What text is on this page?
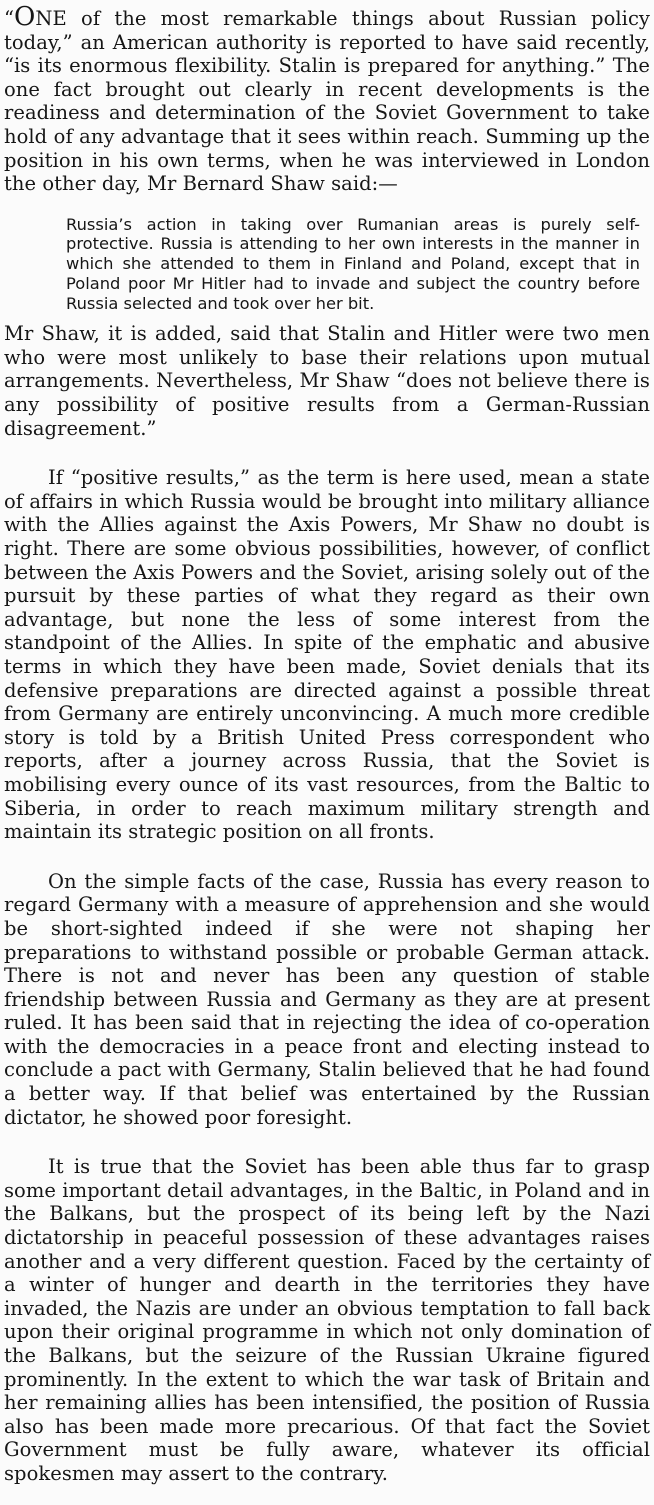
“ONE of the most remarkable things about Russian policy today,” an American authority is reported to have said recently, “is its enormous flexibility. Stalin is prepared for anything.” The one fact brought out clearly in recent developments is the readiness and determination of the Soviet Government to take hold of any advantage that it sees within reach. Summing up the position in his own terms, when he was interviewed in London the other day, Mr Bernard Shaw said:—

Russia’s action in taking over Rumanian areas is purely self-protective. Russia is attending to her own interests in the manner in which she attended to them in Finland and Poland, except that in Poland poor Mr Hitler had to invade and subject the country before Russia selected and took over her bit.

Mr Shaw, it is added, said that Stalin and Hitler were two men who were most unlikely to base their relations upon mutual arrangements. Nevertheless, Mr Shaw “does not believe there is any possibility of positive results from a German-Russian disagreement.”

If “positive results,” as the term is here used, mean a state of affairs in which Russia would be brought into military alliance with the Allies against the Axis Powers, Mr Shaw no doubt is right. There are some obvious possibilities, however, of conflict between the Axis Powers and the Soviet, arising solely out of the pursuit by these parties of what they regard as their own advantage, but none the less of some interest from the standpoint of the Allies. In spite of the emphatic and abusive terms in which they have been made, Soviet denials that its defensive preparations are directed against a possible threat from Germany are entirely unconvincing. A much more credible story is told by a British United Press correspondent who reports, after a journey across Russia, that the Soviet is mobilising every ounce of its vast resources, from the Baltic to Siberia, in order to reach maximum military strength and maintain its strategic position on all fronts.

On the simple facts of the case, Russia has every reason to regard Germany with a measure of apprehension and she would be short-sighted indeed if she were not shaping her preparations to withstand possible or probable German attack. There is not and never has been any question of stable friendship between Russia and Germany as they are at present ruled. It has been said that in rejecting the idea of co-operation with the democracies in a peace front and electing instead to conclude a pact with Germany, Stalin believed that he had found a better way. If that belief was entertained by the Russian dictator, he showed poor foresight.

It is true that the Soviet has been able thus far to grasp some important detail advantages, in the Baltic, in Poland and in the Balkans, but the prospect of its being left by the Nazi dictatorship in peaceful possession of these advantages raises another and a very different question. Faced by the certainty of a winter of hunger and dearth in the territories they have invaded, the Nazis are under an obvious temptation to fall back upon their original programme in which not only domination of the Balkans, but the seizure of the Russian Ukraine figured prominently. In the extent to which the war task of Britain and her remaining allies has been intensified, the position of Russia also has been made more precarious. Of that fact the Soviet Government must be fully aware, whatever its official spokesmen may assert to the contrary.
